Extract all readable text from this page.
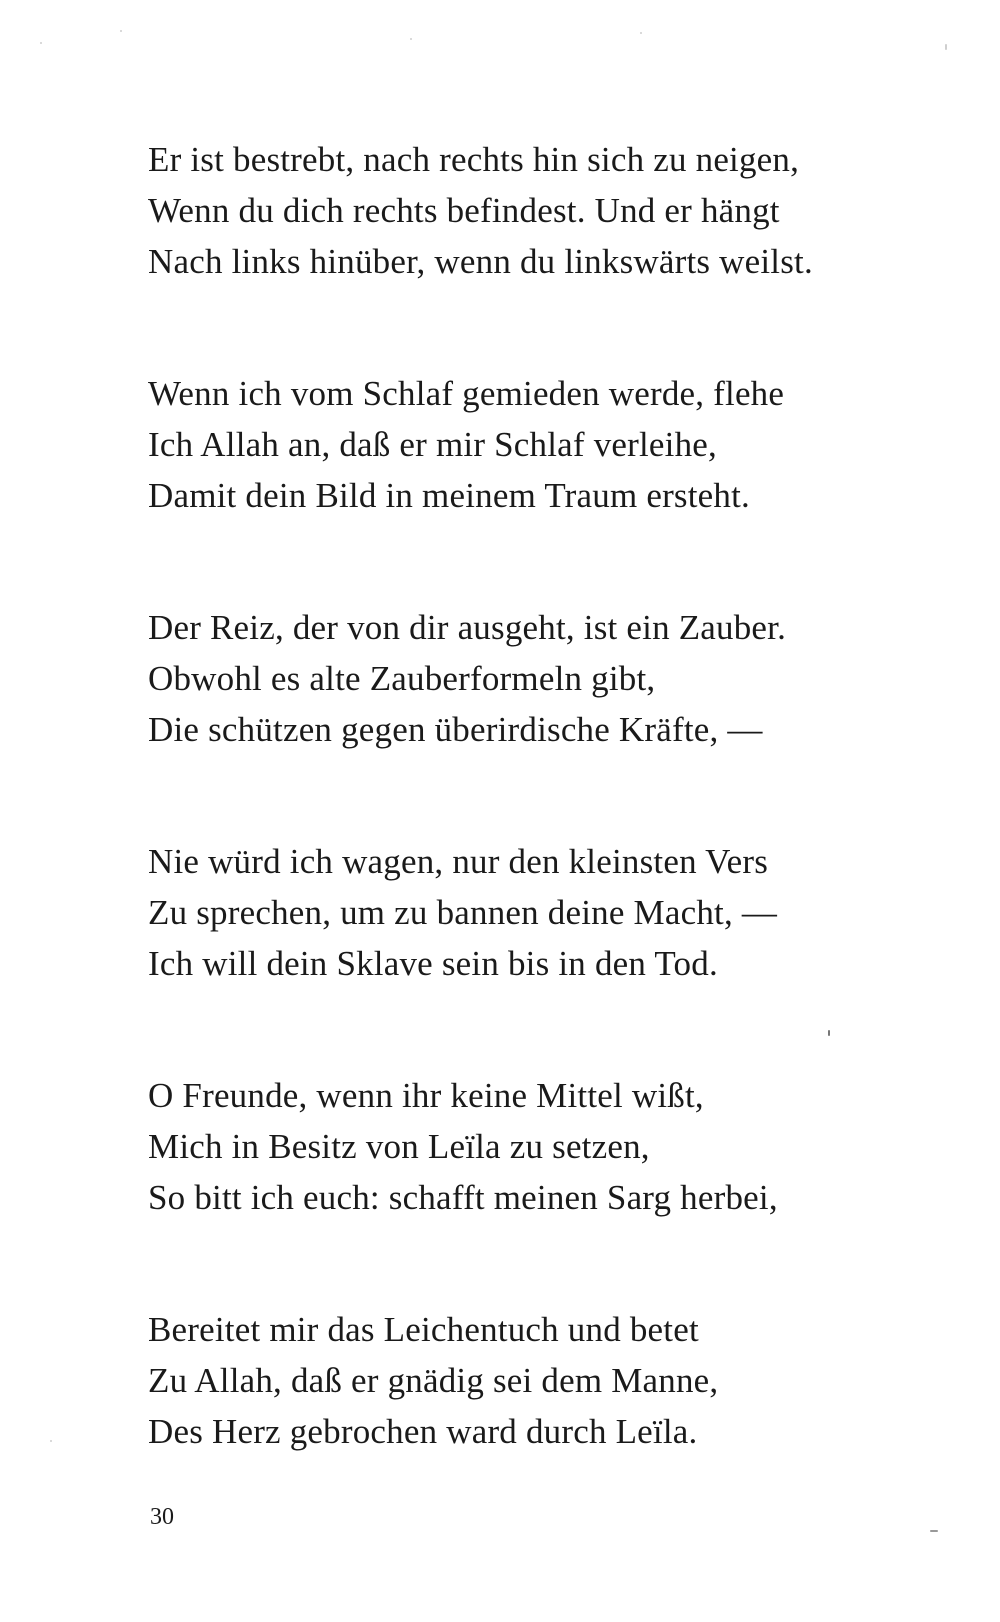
Er ist bestrebt, nach rechts hin sich zu neigen,
Wenn du dich rechts befindest. Und er hängt
Nach links hinüber, wenn du linkswärts weilst.
Wenn ich vom Schlaf gemieden werde, flehe
Ich Allah an, daß er mir Schlaf verleihe,
Damit dein Bild in meinem Traum ersteht.
Der Reiz, der von dir ausgeht, ist ein Zauber.
Obwohl es alte Zauberformeln gibt,
Die schützen gegen überirdische Kräfte, —
Nie würd ich wagen, nur den kleinsten Vers
Zu sprechen, um zu bannen deine Macht, —
Ich will dein Sklave sein bis in den Tod.
O Freunde, wenn ihr keine Mittel wißt,
Mich in Besitz von Leïla zu setzen,
So bitt ich euch: schafft meinen Sarg herbei,
Bereitet mir das Leichentuch und betet
Zu Allah, daß er gnädig sei dem Manne,
Des Herz gebrochen ward durch Leïla.
30
